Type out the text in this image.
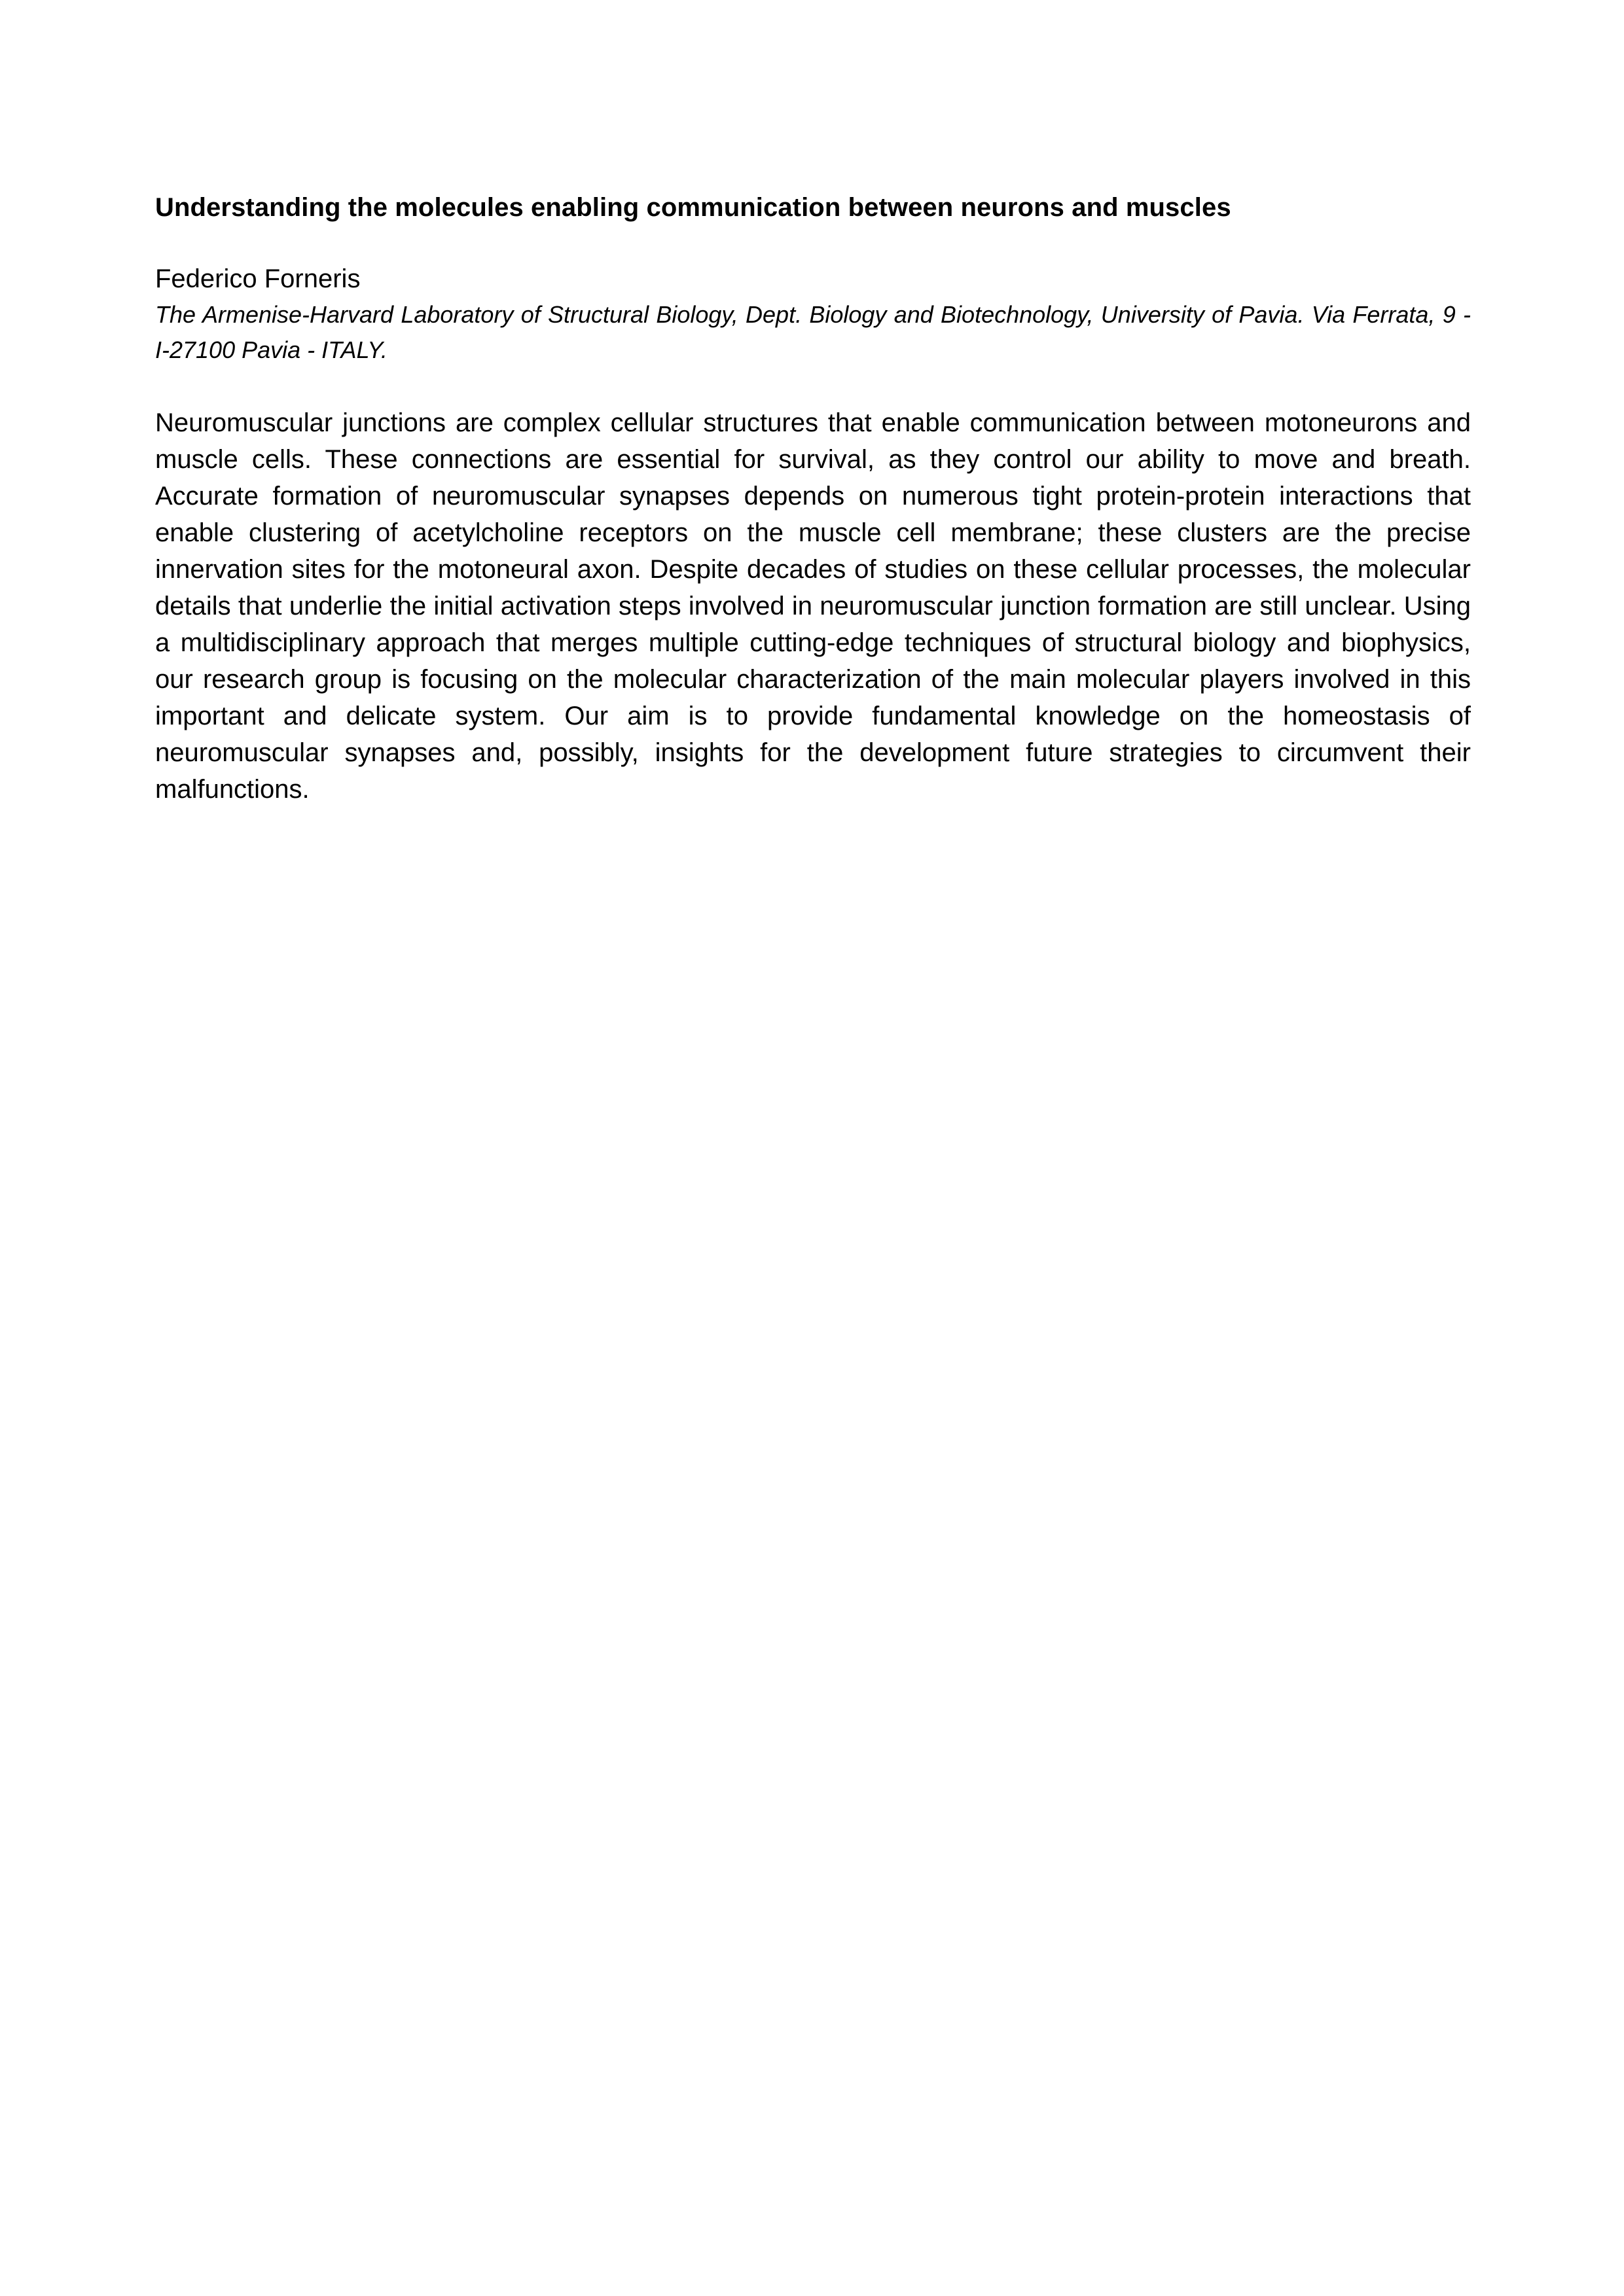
Understanding the molecules enabling communication between neurons and muscles

Federico Forneris

The Armenise-Harvard Laboratory of Structural Biology, Dept. Biology and Biotechnology, University of Pavia. Via Ferrata, 9 - I-27100 Pavia - ITALY.

Neuromuscular junctions are complex cellular structures that enable communication between motoneurons and muscle cells. These connections are essential for survival, as they control our ability to move and breath. Accurate formation of neuromuscular synapses depends on numerous tight protein-protein interactions that enable clustering of acetylcholine receptors on the muscle cell membrane; these clusters are the precise innervation sites for the motoneural axon. Despite decades of studies on these cellular processes, the molecular details that underlie the initial activation steps involved in neuromuscular junction formation are still unclear. Using a multidisciplinary approach that merges multiple cutting-edge techniques of structural biology and biophysics, our research group is focusing on the molecular characterization of the main molecular players involved in this important and delicate system. Our aim is to provide fundamental knowledge on the homeostasis of neuromuscular synapses and, possibly, insights for the development future strategies to circumvent their malfunctions.
